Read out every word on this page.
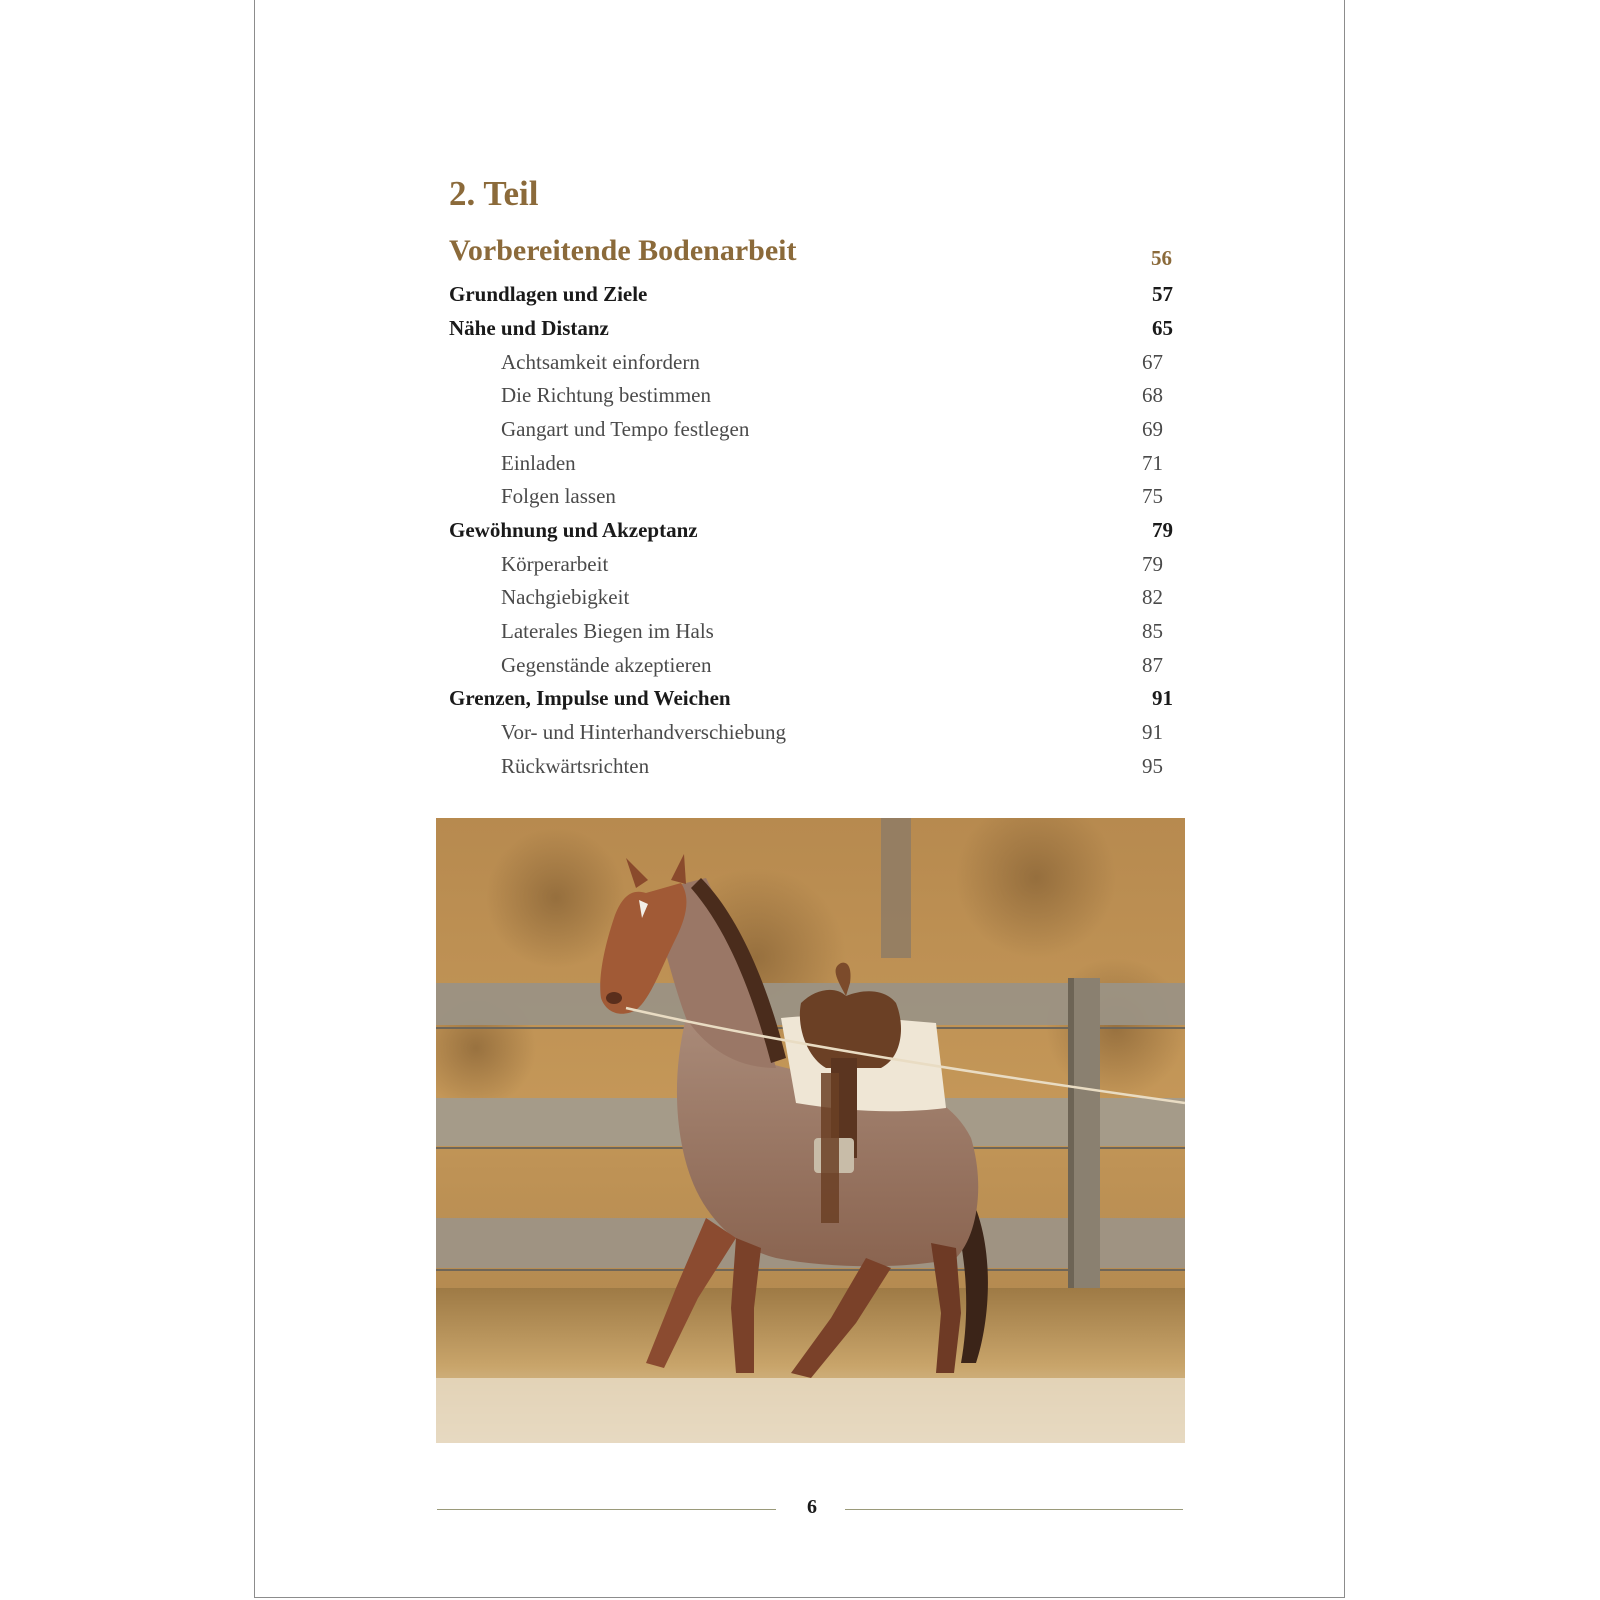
2. Teil
Vorbereitende Bodenarbeit	56
Grundlagen und Ziele	57
Nähe und Distanz	65
Achtsamkeit einfordern	67
Die Richtung bestimmen	68
Gangart und Tempo festlegen	69
Einladen	71
Folgen lassen	75
Gewöhnung und Akzeptanz	79
Körperarbeit	79
Nachgiebigkeit	82
Laterales Biegen im Hals	85
Gegenstände akzeptieren	87
Grenzen, Impulse und Weichen	91
Vor- und Hinterhandverschiebung	91
Rückwärtsrichten	95
6
